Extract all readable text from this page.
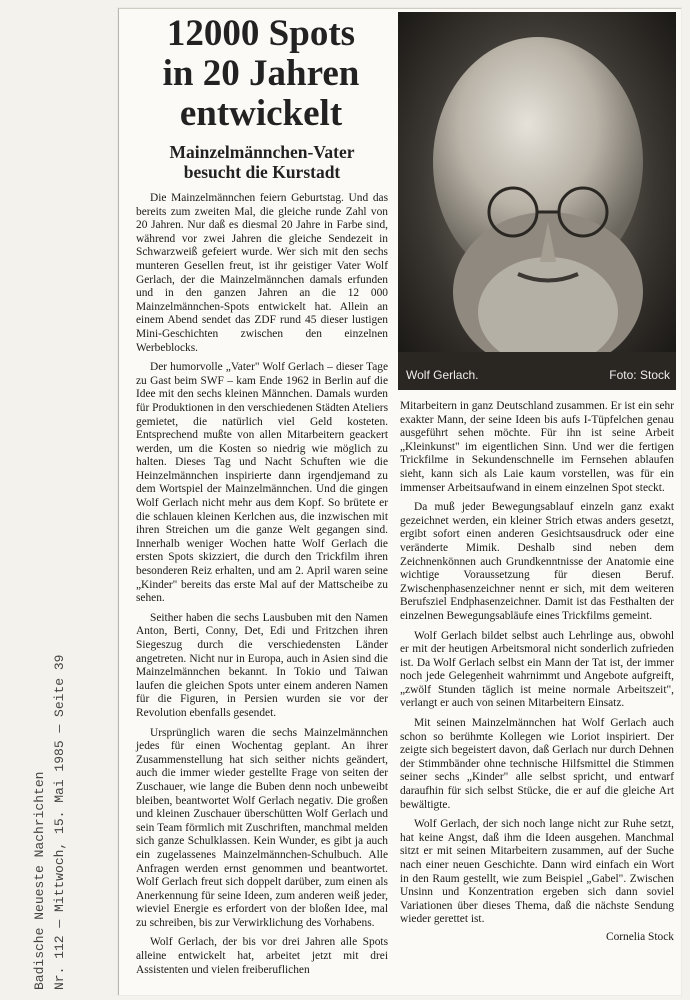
Badische Neueste Nachrichten Nr. 112 — Mittwoch, 15. Mai 1985 — Seite 39
12000 Spots
in 20 Jahren
entwickelt
Mainzelmännchen-Vater
besucht die Kurstadt
Wolf Gerlach.	Foto: Stock

Die Mainzelmännchen feiern Geburtstag. Und das bereits zum zweiten Mal, die gleiche runde Zahl von 20 Jahren. Nur daß es diesmal 20 Jahre in Farbe sind, während vor zwei Jahren die gleiche Sendezeit in Schwarzweiß gefeiert wurde. Wer sich mit den sechs munteren Gesellen freut, ist ihr geistiger Vater Wolf Gerlach, der die Mainzelmännchen damals erfunden und in den ganzen Jahren an die 12 000 Mainzelmännchen-Spots entwickelt hat. Allein an einem Abend sendet das ZDF rund 45 dieser lustigen Mini-Geschichten zwischen den einzelnen Werbeblocks.

Der humorvolle „Vater" Wolf Gerlach – dieser Tage zu Gast beim SWF – kam Ende 1962 in Berlin auf die Idee mit den sechs kleinen Männchen. Damals wurden für Produktionen in den verschiedenen Städten Ateliers gemietet, die natürlich viel Geld kosteten. Entsprechend mußte von allen Mitarbeitern geackert werden, um die Kosten so niedrig wie möglich zu halten. Dieses Tag und Nacht Schuften wie die Heinzelmännchen inspirierte dann irgendjemand zu dem Wortspiel der Mainzelmännchen. Und die gingen Wolf Gerlach nicht mehr aus dem Kopf. So brütete er die schlauen kleinen Kerlchen aus, die inzwischen mit ihren Streichen um die ganze Welt gegangen sind. Innerhalb weniger Wochen hatte Wolf Gerlach die ersten Spots skizziert, die durch den Trickfilm ihren besonderen Reiz erhalten, und am 2. April waren seine „Kinder" bereits das erste Mal auf der Mattscheibe zu sehen.

Seither haben die sechs Lausbuben mit den Namen Anton, Berti, Conny, Det, Edi und Fritzchen ihren Siegeszug durch die verschiedensten Länder angetreten. Nicht nur in Europa, auch in Asien sind die Mainzelmännchen bekannt. In Tokio und Taiwan laufen die gleichen Spots unter einem anderen Namen für die Figuren, in Persien wurden sie vor der Revolution ebenfalls gesendet.

Ursprünglich waren die sechs Mainzelmännchen jedes für einen Wochentag geplant. An ihrer Zusammenstellung hat sich seither nichts geändert, auch die immer wieder gestellte Frage von seiten der Zuschauer, wie lange die Buben denn noch unbeweibt bleiben, beantwortet Wolf Gerlach negativ. Die großen und kleinen Zuschauer überschütten Wolf Gerlach und sein Team förmlich mit Zuschriften, manchmal melden sich ganze Schulklassen. Kein Wunder, es gibt ja auch ein zugelassenes Mainzelmännchen-Schulbuch. Alle Anfragen werden ernst genommen und beantwortet. Wolf Gerlach freut sich doppelt darüber, zum einen als Anerkennung für seine Ideen, zum anderen weiß jeder, wieviel Energie es erfordert von der bloßen Idee, mal zu schreiben, bis zur Verwirklichung des Vorhabens.

Wolf Gerlach, der bis vor drei Jahren alle Spots alleine entwickelt hat, arbeitet jetzt mit drei Assistenten und vielen freiberuflichen

Mitarbeitern in ganz Deutschland zusammen. Er ist ein sehr exakter Mann, der seine Ideen bis aufs I-Tüpfelchen genau ausgeführt sehen möchte. Für ihn ist seine Arbeit „Kleinkunst" im eigentlichen Sinn. Und wer die fertigen Trickfilme in Sekundenschnelle im Fernsehen ablaufen sieht, kann sich als Laie kaum vorstellen, was für ein immenser Arbeitsaufwand in einem einzelnen Spot steckt.

Da muß jeder Bewegungsablauf einzeln ganz exakt gezeichnet werden, ein kleiner Strich etwas anders gesetzt, ergibt sofort einen anderen Gesichtsausdruck oder eine veränderte Mimik. Deshalb sind neben dem Zeichnenkönnen auch Grundkenntnisse der Anatomie eine wichtige Voraussetzung für diesen Beruf. Zwischenphasenzeichner nennt er sich, mit dem weiteren Berufsziel Endphasenzeichner. Damit ist das Festhalten der einzelnen Bewegungsabläufe eines Trickfilms gemeint.

Wolf Gerlach bildet selbst auch Lehrlinge aus, obwohl er mit der heutigen Arbeitsmoral nicht sonderlich zufrieden ist. Da Wolf Gerlach selbst ein Mann der Tat ist, der immer noch jede Gelegenheit wahrnimmt und Angebote aufgreift, „zwölf Stunden täglich ist meine normale Arbeitszeit", verlangt er auch von seinen Mitarbeitern Einsatz.

Mit seinen Mainzelmännchen hat Wolf Gerlach auch schon so berühmte Kollegen wie Loriot inspiriert. Der zeigte sich begeistert davon, daß Gerlach nur durch Dehnen der Stimmbänder ohne technische Hilfsmittel die Stimmen seiner sechs „Kinder" alle selbst spricht, und entwarf daraufhin für sich selbst Stücke, die er auf die gleiche Art bewältigte.

Wolf Gerlach, der sich noch lange nicht zur Ruhe setzt, hat keine Angst, daß ihm die Ideen ausgehen. Manchmal sitzt er mit seinen Mitarbeitern zusammen, auf der Suche nach einer neuen Geschichte. Dann wird einfach ein Wort in den Raum gestellt, wie zum Beispiel „Gabel". Zwischen Unsinn und Konzentration ergeben sich dann soviel Variationen über dieses Thema, daß die nächste Sendung wieder gerettet ist.

Cornelia Stock
